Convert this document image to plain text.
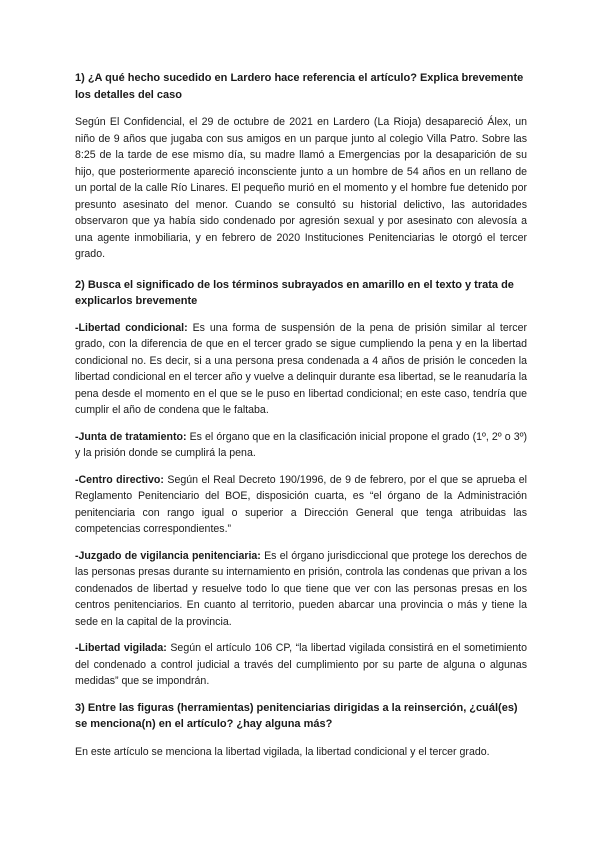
1) ¿A qué hecho sucedido en Lardero hace referencia el artículo? Explica brevemente los detalles del caso

Según El Confidencial, el 29 de octubre de 2021 en Lardero (La Rioja) desapareció Álex, un niño de 9 años que jugaba con sus amigos en un parque junto al colegio Villa Patro. Sobre las 8:25 de la tarde de ese mismo día, su madre llamó a Emergencias por la desaparición de su hijo, que posteriormente apareció inconsciente junto a un hombre de 54 años en un rellano de un portal de la calle Río Linares. El pequeño murió en el momento y el hombre fue detenido por presunto asesinato del menor. Cuando se consultó su historial delictivo, las autoridades observaron que ya había sido condenado por agresión sexual y por asesinato con alevosía a una agente inmobiliaria, y en febrero de 2020 Instituciones Penitenciarias le otorgó el tercer grado.

2) Busca el significado de los términos subrayados en amarillo en el texto y trata de explicarlos brevemente

-Libertad condicional: Es una forma de suspensión de la pena de prisión similar al tercer grado, con la diferencia de que en el tercer grado se sigue cumpliendo la pena y en la libertad condicional no. Es decir, si a una persona presa condenada a 4 años de prisión le conceden la libertad condicional en el tercer año y vuelve a delinquir durante esa libertad, se le reanudaría la pena desde el momento en el que se le puso en libertad condicional; en este caso, tendría que cumplir el año de condena que le faltaba.

-Junta de tratamiento: Es el órgano que en la clasificación inicial propone el grado (1º, 2º o 3º) y la prisión donde se cumplirá la pena.

-Centro directivo: Según el Real Decreto 190/1996, de 9 de febrero, por el que se aprueba el Reglamento Penitenciario del BOE, disposición cuarta, es “el órgano de la Administración penitenciaria con rango igual o superior a Dirección General que tenga atribuidas las competencias correspondientes.”

-Juzgado de vigilancia penitenciaria: Es el órgano jurisdiccional que protege los derechos de las personas presas durante su internamiento en prisión, controla las condenas que privan a los condenados de libertad y resuelve todo lo que tiene que ver con las personas presas en los centros penitenciarios. En cuanto al territorio, pueden abarcar una provincia o más y tiene la sede en la capital de la provincia.

-Libertad vigilada: Según el artículo 106 CP, “la libertad vigilada consistirá en el sometimiento del condenado a control judicial a través del cumplimiento por su parte de alguna o algunas medidas” que se impondrán.

3) Entre las figuras (herramientas) penitenciarias dirigidas a la reinserción, ¿cuál(es) se menciona(n) en el artículo? ¿hay alguna más?

En este artículo se menciona la libertad vigilada, la libertad condicional y el tercer grado.
